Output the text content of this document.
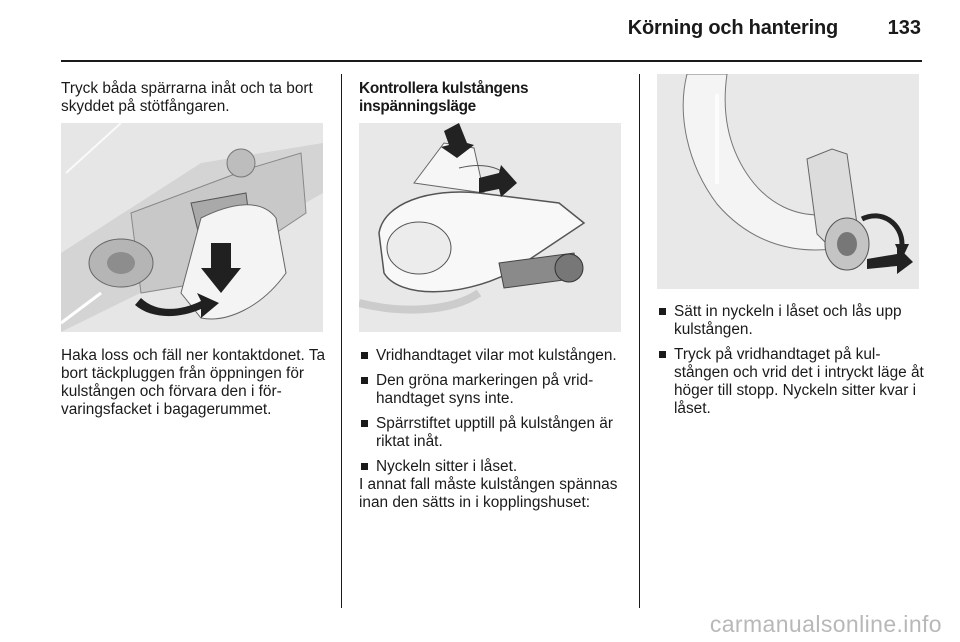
Körning och hantering 133
Tryck båda spärrarna inåt och ta bort skyddet på stötfångaren.
Haka loss och fäll ner kontaktdonet. Ta bort täckpluggen från öppningen för kulstången och förvara den i för-varingsfacket i bagagerummet.
Kontrollera kulstångens inspänningsläge
Vridhandtaget vilar mot kulstången.
Den gröna markeringen på vrid-handtaget syns inte.
Spärrstiftet upptill på kulstången är riktat inåt.
Nyckeln sitter i låset.
I annat fall måste kulstången spännas inan den sätts in i kopplingshuset:
Sätt in nyckeln i låset och lås upp kulstången.
Tryck på vridhandtaget på kul-stången och vrid det i intryckt läge åt höger till stopp. Nyckeln sitter kvar i låset.
carmanualsonline.info
